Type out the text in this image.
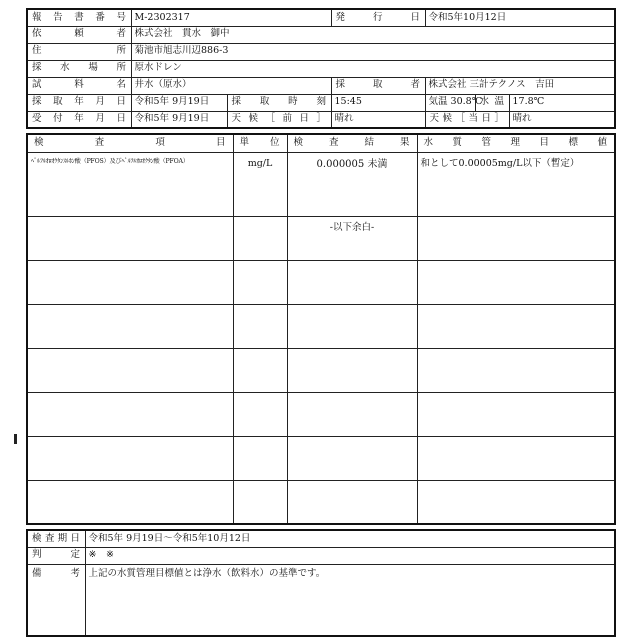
報告書番号	M-2302317		発行日	令和5年10月12日		
依頼者	株式会社　貫水　御中					
住所	菊池市旭志川辺886-3					
採水場所	原水ドレン					
試料名	井水（原水）		採取者	株式会社 三計テクノス　吉田		
採取年月日	令和5年 9月19日	採取時刻	15:45	気温 30.8℃	水温	17.8℃
受付年月日	令和5年 9月19日	天候［前日］	晴れ	天候［当日］		晴れ
検査項目	単位	検査結果	水質管理目標値
ﾍﾟﾙﾌﾙｵﾛｵｸﾀﾝｽﾙﾎﾝ酸（PFOS）及びﾍﾟﾙﾌﾙｵﾛｵｸﾀﾝ酸（PFOA）	mg/L	0.000005 未満	和として0.00005mg/L以下（暫定）
		-以下余白-	

検査期日	令和5年 9月19日～令和5年10月12日
判定	※　※
備考	上記の水質管理目標値とは浄水（飲料水）の基準です。
